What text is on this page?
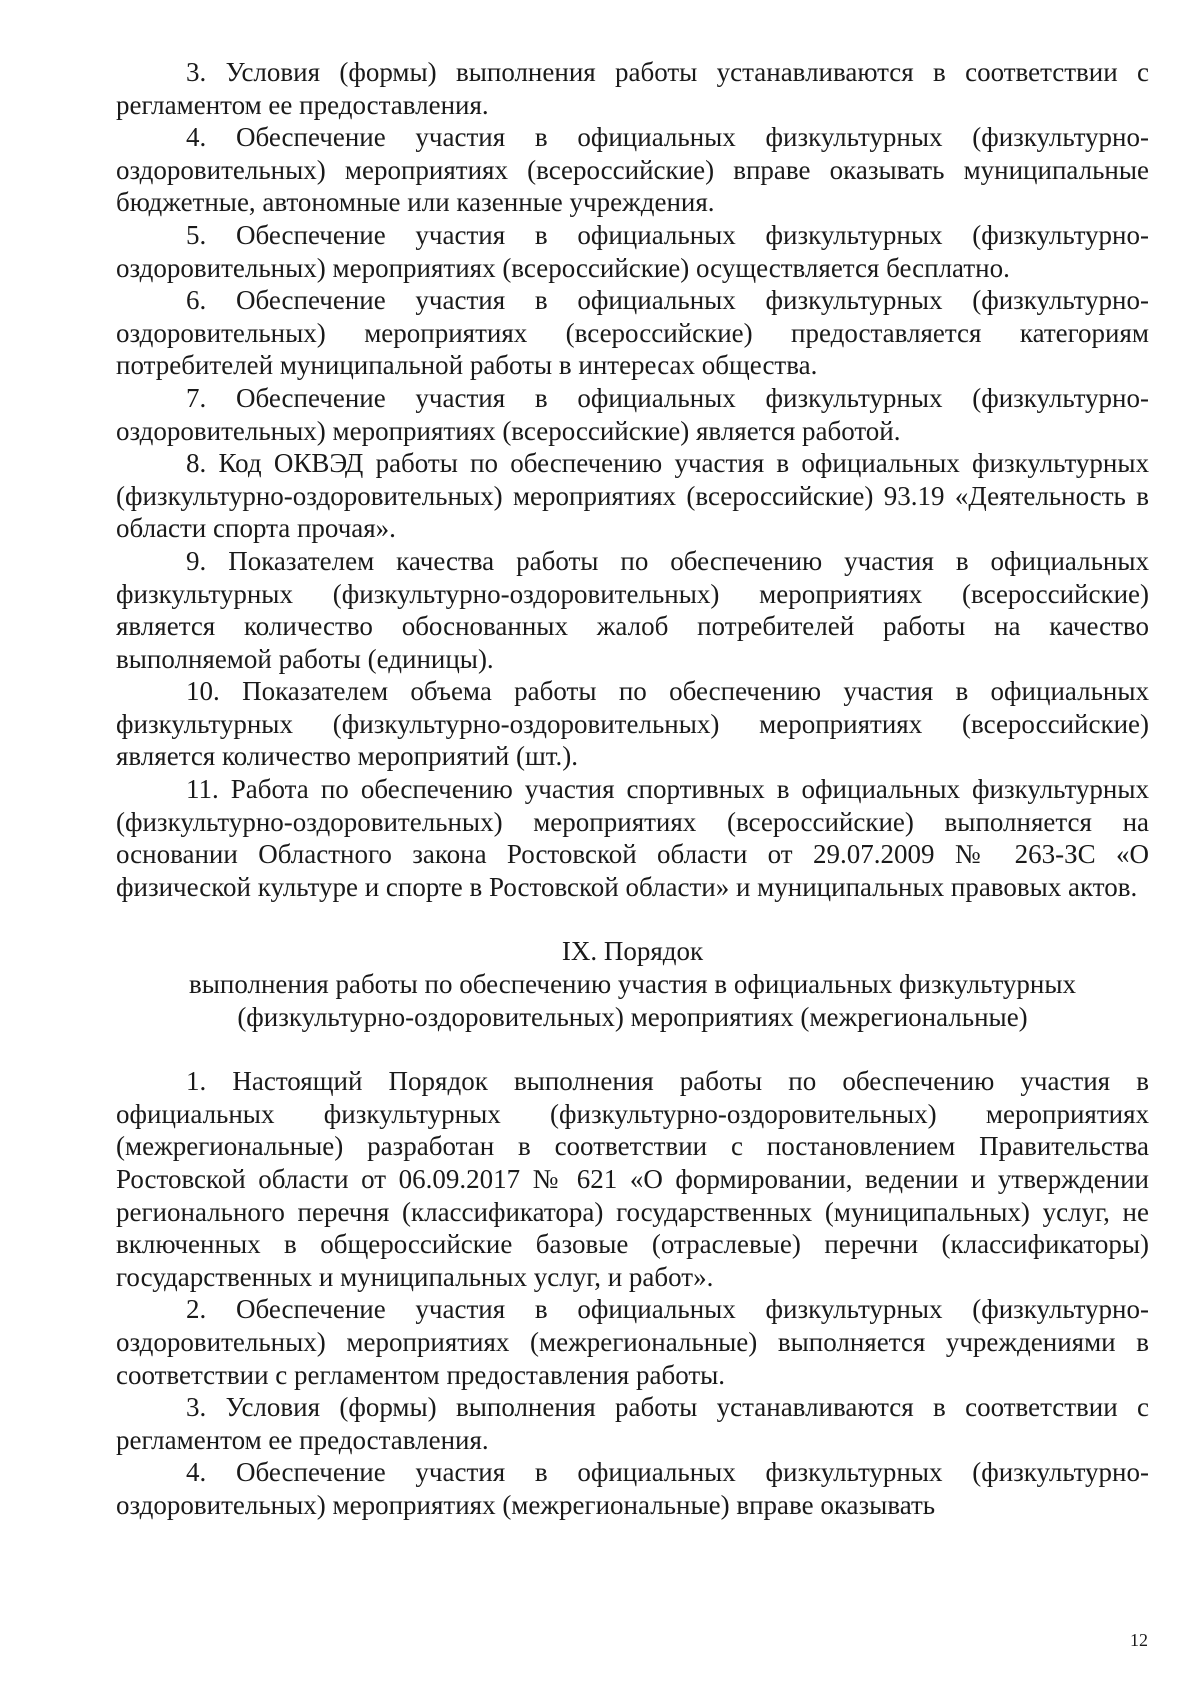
3. Условия (формы) выполнения работы устанавливаются в соответствии с регламентом ее предоставления.

4. Обеспечение участия в официальных физкультурных (физкультурно-оздоровительных) мероприятиях (всероссийские) вправе оказывать муниципальные бюджетные, автономные или казенные учреждения.

5. Обеспечение участия в официальных физкультурных (физкультурно-оздоровительных) мероприятиях (всероссийские) осуществляется бесплатно.

6. Обеспечение участия в официальных физкультурных (физкультурно-оздоровительных) мероприятиях (всероссийские) предоставляется категориям потребителей муниципальной работы в интересах общества.

7. Обеспечение участия в официальных физкультурных (физкультурно-оздоровительных) мероприятиях (всероссийские) является работой.

8. Код ОКВЭД работы по обеспечению участия в официальных физкультурных (физкультурно-оздоровительных) мероприятиях (всероссийские) 93.19 «Деятельность в области спорта прочая».

9. Показателем качества работы по обеспечению участия в официальных физкультурных (физкультурно-оздоровительных) мероприятиях (всероссийские) является количество обоснованных жалоб потребителей работы на качество выполняемой работы (единицы).

10. Показателем объема работы по обеспечению участия в официальных физкультурных (физкультурно-оздоровительных) мероприятиях (всероссийские) является количество мероприятий (шт.).

11. Работа по обеспечению участия спортивных в официальных физкультурных (физкультурно-оздоровительных) мероприятиях (всероссийские) выполняется на основании Областного закона Ростовской области от 29.07.2009 № 263-ЗС «О физической культуре и спорте в Ростовской области» и муниципальных правовых актов.

IX. Порядок

выполнения работы по обеспечению участия в официальных физкультурных

(физкультурно-оздоровительных) мероприятиях (межрегиональные)

1. Настоящий Порядок выполнения работы по обеспечению участия в официальных физкультурных (физкультурно-оздоровительных) мероприятиях (межрегиональные) разработан в соответствии с постановлением Правительства Ростовской области от 06.09.2017 № 621 «О формировании, ведении и утверждении регионального перечня (классификатора) государственных (муниципальных) услуг, не включенных в общероссийские базовые (отраслевые) перечни (классификаторы) государственных и муниципальных услуг, и работ».

2. Обеспечение участия в официальных физкультурных (физкультурно-оздоровительных) мероприятиях (межрегиональные) выполняется учреждениями в соответствии с регламентом предоставления работы.

3. Условия (формы) выполнения работы устанавливаются в соответствии с регламентом ее предоставления.

4. Обеспечение участия в официальных физкультурных (физкультурно-оздоровительных) мероприятиях (межрегиональные) вправе оказывать

12
